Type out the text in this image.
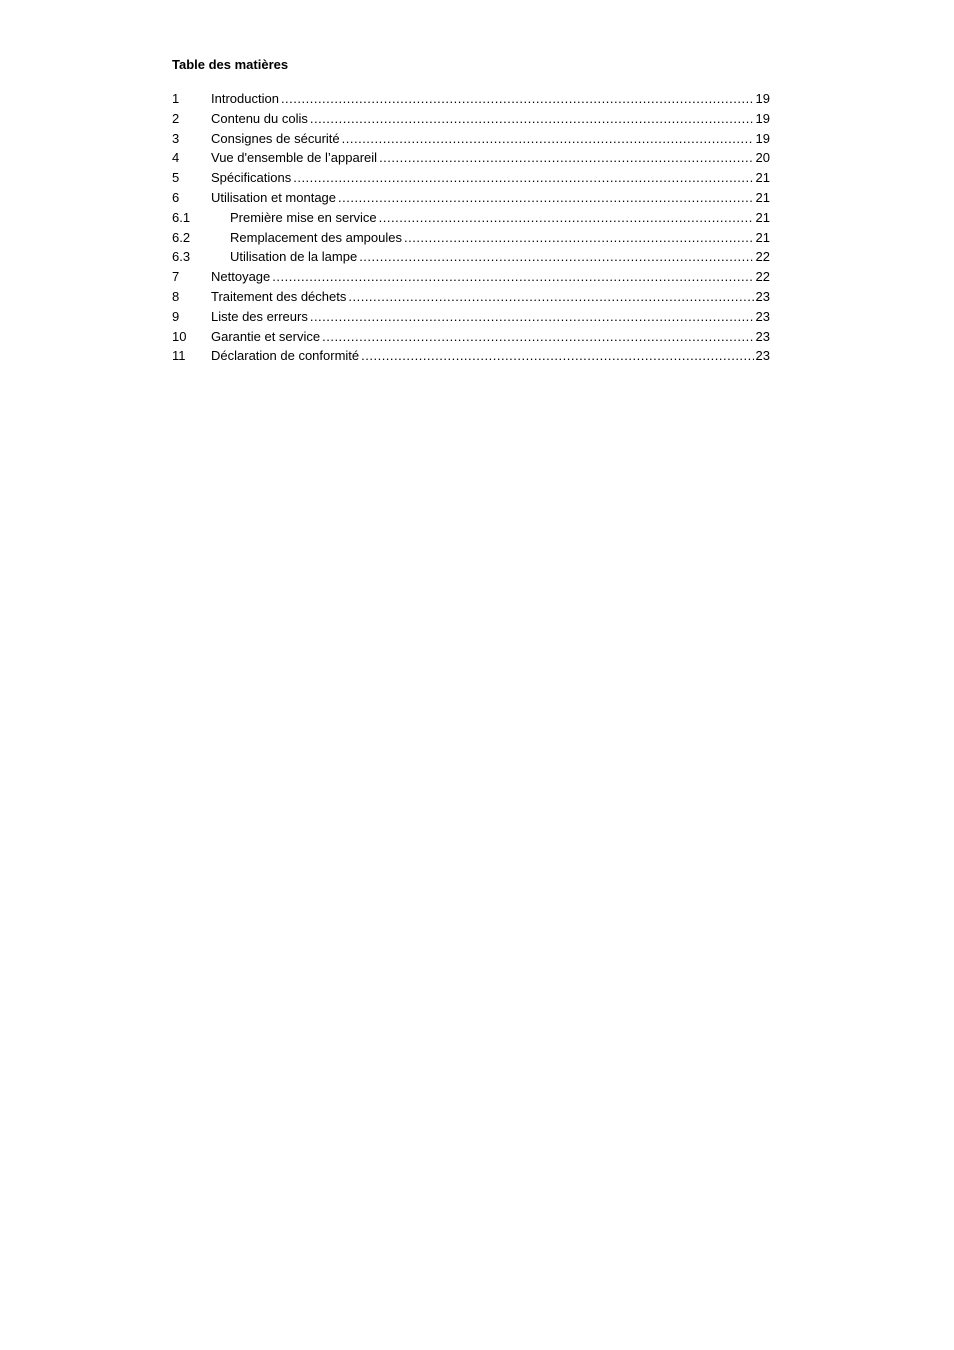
Table des matières
1	Introduction .....	19
2	Contenu du colis .....	19
3	Consignes de sécurité .....	19
4	Vue d'ensemble de l’appareil .....	20
5	Spécifications .....	21
6	Utilisation et montage .....	21
6.1	Première mise en service .....	21
6.2	Remplacement des ampoules .....	21
6.3	Utilisation de la lampe .....	22
7	Nettoyage .....	22
8	Traitement des déchets .....	23
9	Liste des erreurs .....	23
10	Garantie et service .....	23
11	Déclaration de conformité .....	23
